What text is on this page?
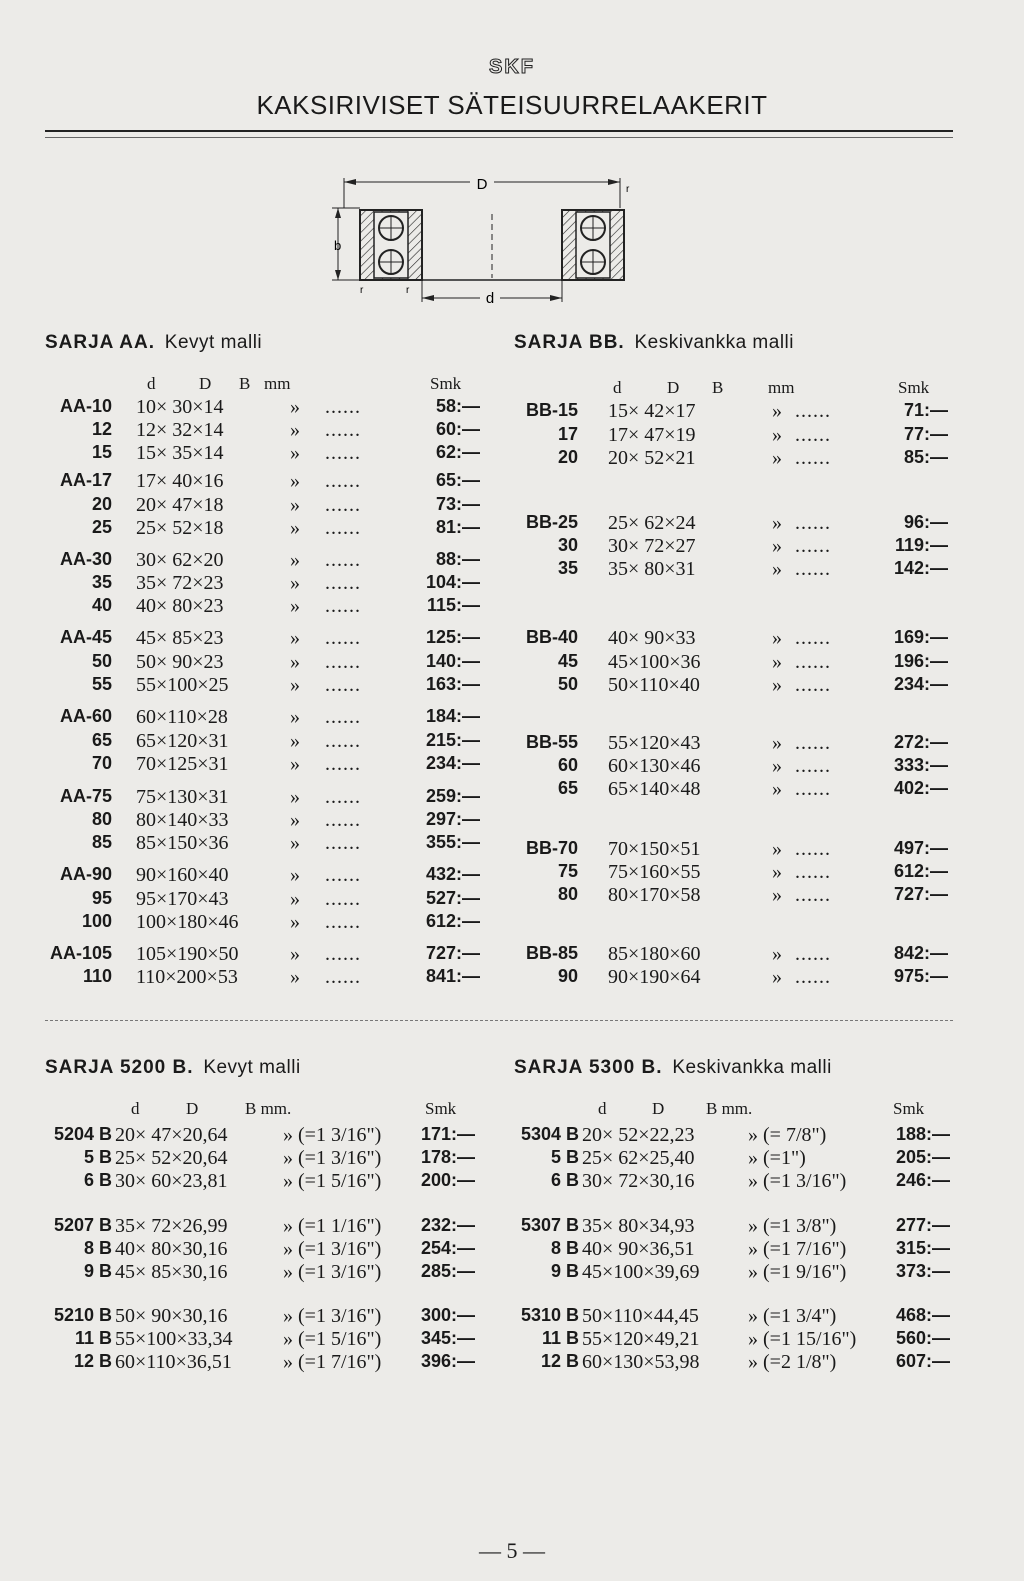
SKF
KAKSIRIVISET SÄTEISUURRELAAKERIT
D
b
d
r	r
r
SARJA AA. Kevyt malli	SARJA BB. Keskivankka malli
d	D B mm	Smk	d	D B	mm	Smk
AA-10 10× 30×14	» ......	58:—
12 12× 32×14	» ......	60:—
15 15× 35×14	» ......	62:—
AA-17 17× 40×16	» ......	65:—
20 20× 47×18	» ......	73:—
25 25× 52×18	» ......	81:—
AA-30 30× 62×20	» ......	88:—
35 35× 72×23	» ......	104:—
40 40× 80×23	» ......	115:—
AA-45 45× 85×23	» ......	125:—
50 50× 90×23	» ......	140:—
55 55×100×25	» ......	163:—
AA-60 60×110×28	» ......	184:—
65 65×120×31	» ......	215:—
70 70×125×31	» ......	234:—
AA-75 75×130×31	» ......	259:—
80 80×140×33	» ......	297:—
85 85×150×36	» ......	355:—
AA-90 90×160×40	» ......	432:—
95 95×170×43	» ......	527:—
100 100×180×46	» ......	612:—
AA-105 105×190×50	» ......	727:—
110 110×200×53	» ......	841:—
BB-15 15× 42×17	» ......	71:—
17 17× 47×19	» ......	77:—
20 20× 52×21	» ......	85:—
BB-25 25× 62×24	» ......	96:—
30 30× 72×27	» ......	119:—
35 35× 80×31	» ......	142:—
BB-40 40× 90×33	» ......	169:—
45 45×100×36	» ......	196:—
50 50×110×40	» ......	234:—
BB-55 55×120×43	» ......	272:—
60 60×130×46	» ......	333:—
65 65×140×48	» ......	402:—
BB-70 70×150×51	» ......	497:—
75 75×160×55	» ......	612:—
80 80×170×58	» ......	727:—
BB-85 85×180×60	» ......	842:—
90 90×190×64	» ......	975:—
SARJA 5200 B. Kevyt malli	SARJA 5300 B. Keskivankka malli
d	D	B mm.	Smk	d	D B mm.	Smk
5204 B 20× 47×20,64	» (=1 3/16") 171:—
5 B 25× 52×20,64	» (=1 3/16") 178:—
6 B 30× 60×23,81	» (=1 5/16") 200:—
5207 B 35× 72×26,99	» (=1 1/16") 232:—
8 B 40× 80×30,16	» (=1 3/16") 254:—
9 B 45× 85×30,16	» (=1 3/16") 285:—
5210 B 50× 90×30,16	» (=1 3/16") 300:—
11 B 55×100×33,34	» (=1 5/16") 345:—
12 B 60×110×36,51	» (=1 7/16") 396:—
5304 B 20× 52×22,23	» (= 7/8")	188:—
5 B 25× 62×25,40	» (=1")	205:—
6 B 30× 72×30,16	» (=1 3/16")	246:—
5307 B 35× 80×34,93	» (=1 3/8")	277:—
8 B 40× 90×36,51	» (=1 7/16")	315:—
9 B 45×100×39,69 » (=1 9/16")	373:—
5310 B 50×110×44,45 » (=1 3/4")	468:—
11 B 55×120×49,21 » (=1 15/16") 560:—
12 B 60×130×53,98 » (=2 1/8")	607:—
— 5 —
